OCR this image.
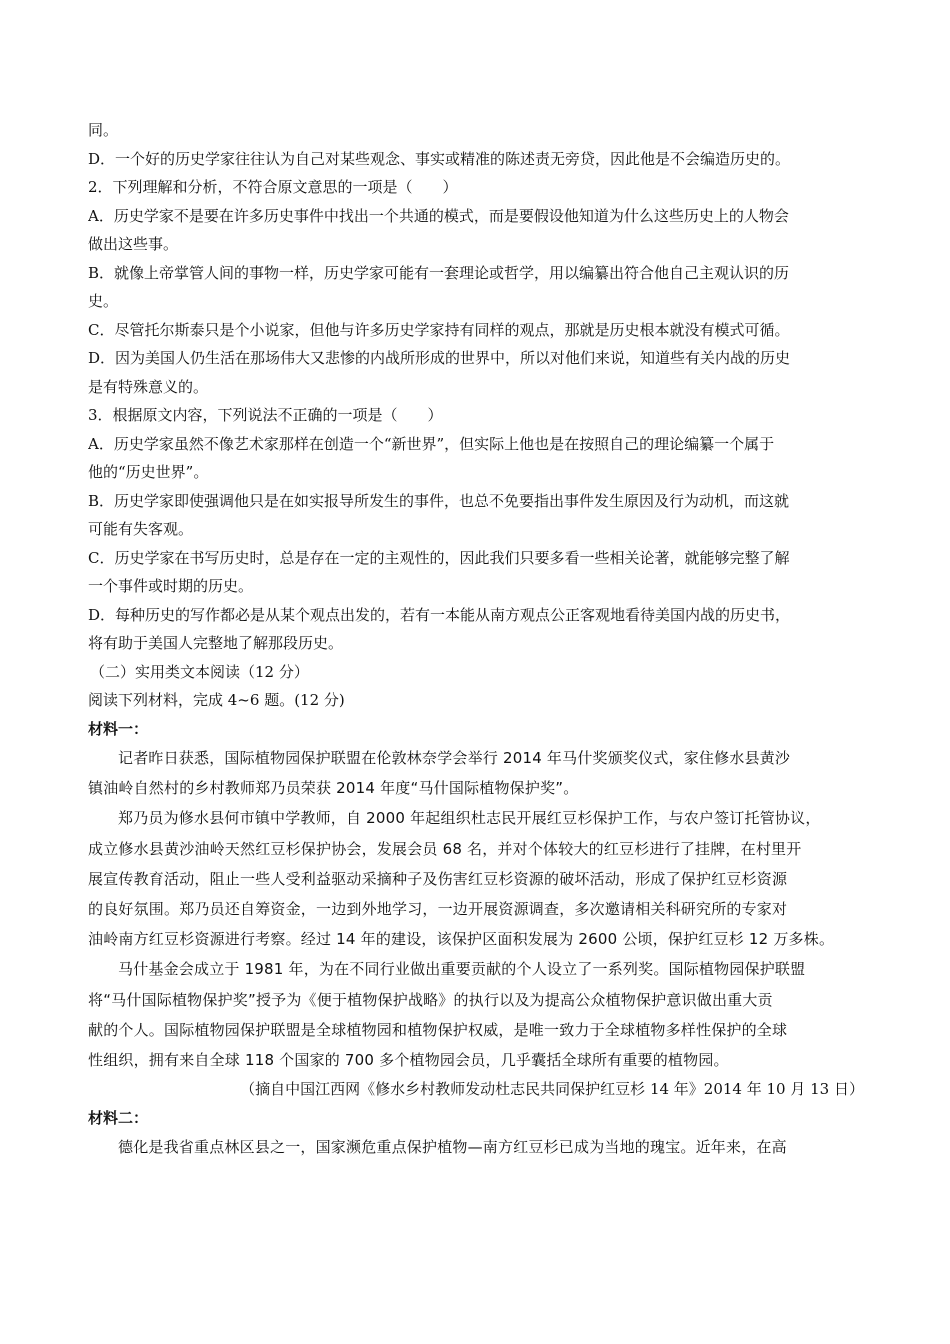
同。
D．一个好的历史学家往往认为自己对某些观念、事实或精准的陈述责无旁贷，因此他是不会编造历史的。
2．下列理解和分析，不符合原文意思的一项是（　　）
A．历史学家不是要在许多历史事件中找出一个共通的模式，而是要假设他知道为什么这些历史上的人物会
做出这些事。
B．就像上帝掌管人间的事物一样，历史学家可能有一套理论或哲学，用以编纂出符合他自己主观认识的历
史。
C．尽管托尔斯泰只是个小说家，但他与许多历史学家持有同样的观点，那就是历史根本就没有模式可循。
D．因为美国人仍生活在那场伟大又悲惨的内战所形成的世界中，所以对他们来说，知道些有关内战的历史
是有特殊意义的。
3．根据原文内容，下列说法不正确的一项是（　　）
A．历史学家虽然不像艺术家那样在创造一个“新世界”，但实际上他也是在按照自己的理论编纂一个属于
他的“历史世界”。
B．历史学家即使强调他只是在如实报导所发生的事件，也总不免要指出事件发生原因及行为动机，而这就
可能有失客观。
C．历史学家在书写历史时，总是存在一定的主观性的，因此我们只要多看一些相关论著，就能够完整了解
一个事件或时期的历史。
D．每种历史的写作都必是从某个观点出发的，若有一本能从南方观点公正客观地看待美国内战的历史书，
将有助于美国人完整地了解那段历史。
（二）实用类文本阅读（12 分）
阅读下列材料，完成 4~6 题。(12 分)
材料一：
记者昨日获悉，国际植物园保护联盟在伦敦林奈学会举行 2014 年马什奖颁奖仪式，家住修水县黄沙
镇油岭自然村的乡村教师郑乃员荣获 2014 年度“马什国际植物保护奖”。
郑乃员为修水县何市镇中学教师，自 2000 年起组织杜志民开展红豆杉保护工作，与农户签订托管协议，
成立修水县黄沙油岭天然红豆杉保护协会，发展会员 68 名，并对个体较大的红豆杉进行了挂牌，在村里开
展宣传教育活动，阻止一些人受利益驱动采摘种子及伤害红豆杉资源的破坏活动，形成了保护红豆杉资源
的良好氛围。郑乃员还自筹资金，一边到外地学习，一边开展资源调查，多次邀请相关科研究所的专家对
油岭南方红豆杉资源进行考察。经过 14 年的建设，该保护区面积发展为 2600 公顷，保护红豆杉 12 万多株。
马什基金会成立于 1981 年，为在不同行业做出重要贡献的个人设立了一系列奖。国际植物园保护联盟
将“马什国际植物保护奖”授予为《便于植物保护战略》的执行以及为提高公众植物保护意识做出重大贡
献的个人。国际植物园保护联盟是全球植物园和植物保护权威，是唯一致力于全球植物多样性保护的全球
性组织，拥有来自全球 118 个国家的 700 多个植物园会员，几乎囊括全球所有重要的植物园。
（摘自中国江西网《修水乡村教师发动杜志民共同保护红豆杉 14 年》2014 年 10 月 13 日）
材料二：
德化是我省重点林区县之一，国家濒危重点保护植物—南方红豆杉已成为当地的瑰宝。近年来，在高
